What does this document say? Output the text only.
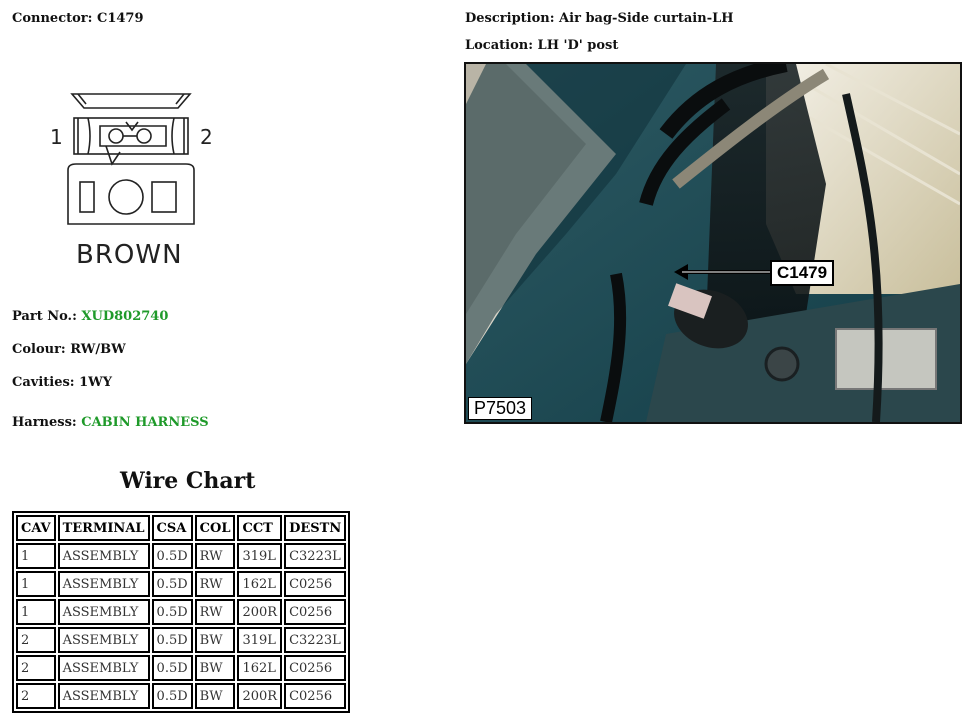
Connector: C1479	Description: Air bag-Side curtain-LH
Location: LH 'D' post
1	2
BROWN
Part No.: XUD802740
Colour: RW/BW
Cavities: 1WY
Harness: CABIN HARNESS
C1479
P7503
Wire Chart
CAV	TERMINAL	CSA	COL	CCT	DESTN
1	ASSEMBLY	0.5D	RW	319L	C3223L
1	ASSEMBLY	0.5D	RW	162L	C0256
1	ASSEMBLY	0.5D	RW	200R	C0256
2	ASSEMBLY	0.5D	BW	319L	C3223L
2	ASSEMBLY	0.5D	BW	162L	C0256
2	ASSEMBLY	0.5D	BW	200R	C0256
